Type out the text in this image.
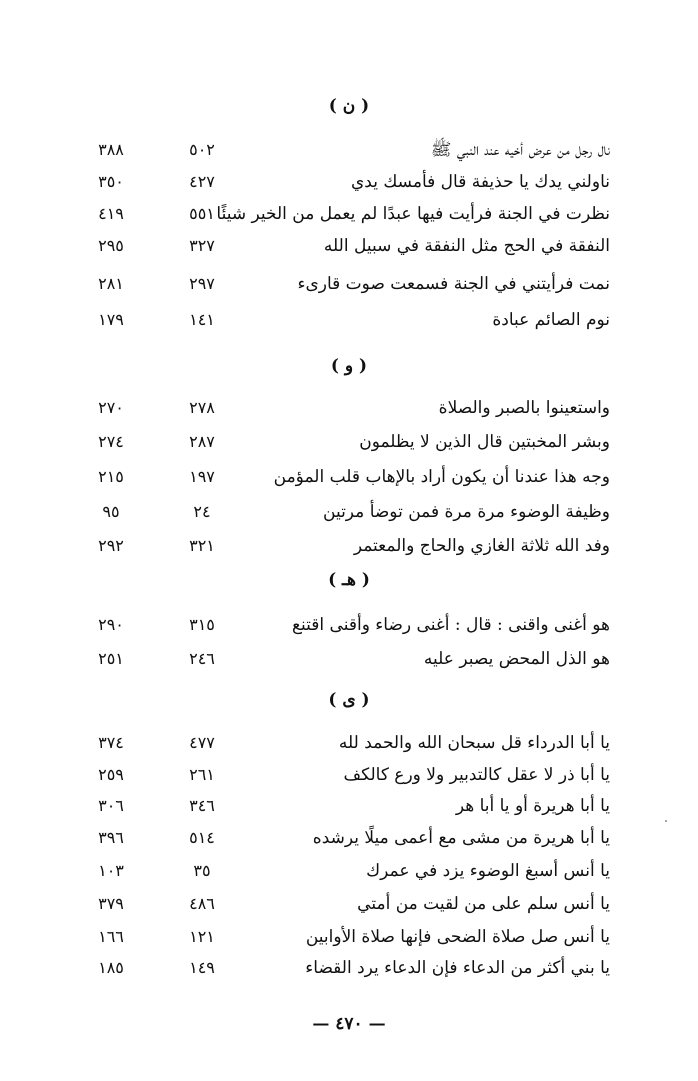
( ن )
نال رجل من عرض أخيه عند النبي ﷺ
٥٠٢
٣٨٨
ناولني يدك يا حذيفة قال فأمسك يدي
٤٢٧
٣٥٠
نظرت في الجنة فرأيت فيها عبدًا لم يعمل من الخير شيئًا
٥٥١
٤١٩
النفقة في الحج مثل النفقة في سبيل الله
٣٢٧
٢٩٥
نمت فرأيتني في الجنة فسمعت صوت قارىء
٢٩٧
٢٨١
نوم الصائم عبادة
١٤١
١٧٩
( و )
واستعينوا بالصبر والصلاة
٢٧٨
٢٧٠
وبشر المخبتين قال الذين لا يظلمون
٢٨٧
٢٧٤
وجه هذا عندنا أن يكون أراد بالإهاب قلب المؤمن
١٩٧
٢١٥
وظيفة الوضوء مرة مرة فمن توضأ مرتين
٢٤
٩٥
وفد الله ثلاثة الغازي والحاج والمعتمر
٣٢١
٢٩٢
( هـ )
هو أغنى واقنى : قال : أغنى رضاء وأقنى اقتنع
٣١٥
٢٩٠
هو الذل المحض يصبر عليه
٢٤٦
٢٥١
( ى )
يا أبا الدرداء قل سبحان الله والحمد لله
٤٧٧
٣٧٤
يا أبا ذر لا عقل كالتدبير ولا ورع كالكف
٢٦١
٢٥٩
يا أبا هريرة أو يا أبا هر
٣٤٦
٣٠٦
يا أبا هريرة من مشى مع أعمى ميلًا يرشده
٥١٤
٣٩٦
يا أنس أسبغ الوضوء يزد في عمرك
٣٥
١٠٣
يا أنس سلم على من لقيت من أمتي
٤٨٦
٣٧٩
يا أنس صل صلاة الضحى فإنها صلاة الأوابين
١٢١
١٦٦
يا بني أكثر من الدعاء فإن الدعاء يرد القضاء
١٤٩
١٨٥
— ٤٧٠ —
